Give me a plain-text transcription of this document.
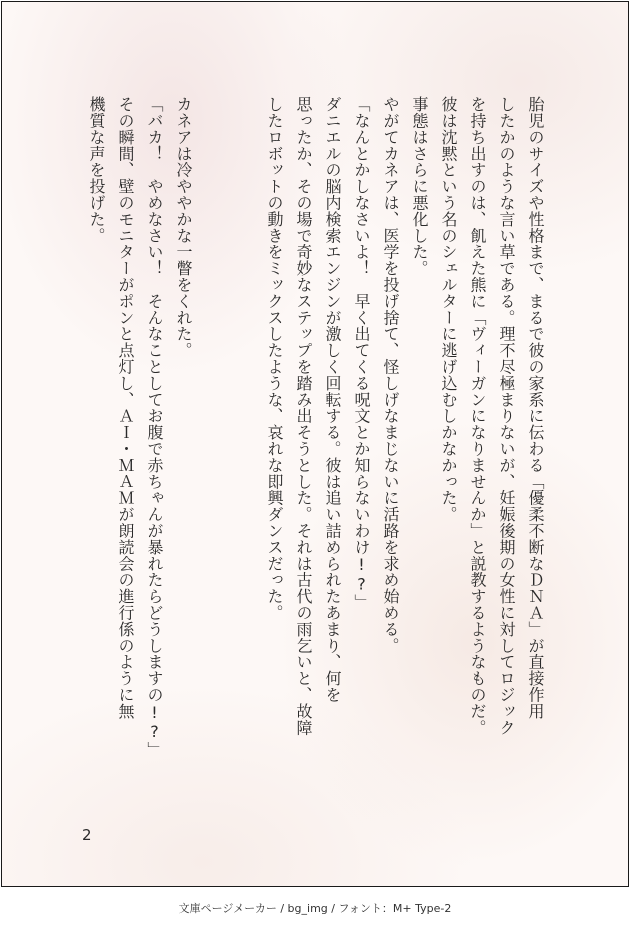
胎児のサイズや性格まで、まるで彼の家系に伝わる「優柔不断なＤＮＡ」が直接作用
したかのような言い草である。理不尽極まりないが、妊娠後期の女性に対してロジック
を持ち出すのは、飢えた熊に「ヴィーガンになりませんか」と説教するようなものだ。
彼は沈黙という名のシェルターに逃げ込むしかなかった。

事態はさらに悪化した。
やがてカネアは、医学を投げ捨て、怪しげなまじないに活路を求め始める。
「なんとかしなさいよ！　早く出てくる呪文とか知らないわけ!?」
ダニエルの脳内検索エンジンが激しく回転する。彼は追い詰められたあまり、何を
思ったか、その場で奇妙なステップを踏み出そうとした。それは古代の雨乞いと、故障
したロボットの動きをミックスしたような、哀れな即興ダンスだった。

カネアは冷ややかな一瞥をくれた。
「バカ！　やめなさい！　そんなことしてお腹で赤ちゃんが暴れたらどうしますの!?」
その瞬間、壁のモニターがポンと点灯し、ＡＩ・ＭＡＭが朗読会の進行係のように無
機質な声を投げた。

2
文庫ページメーカー / bg_img / フォント：M+ Type-2
